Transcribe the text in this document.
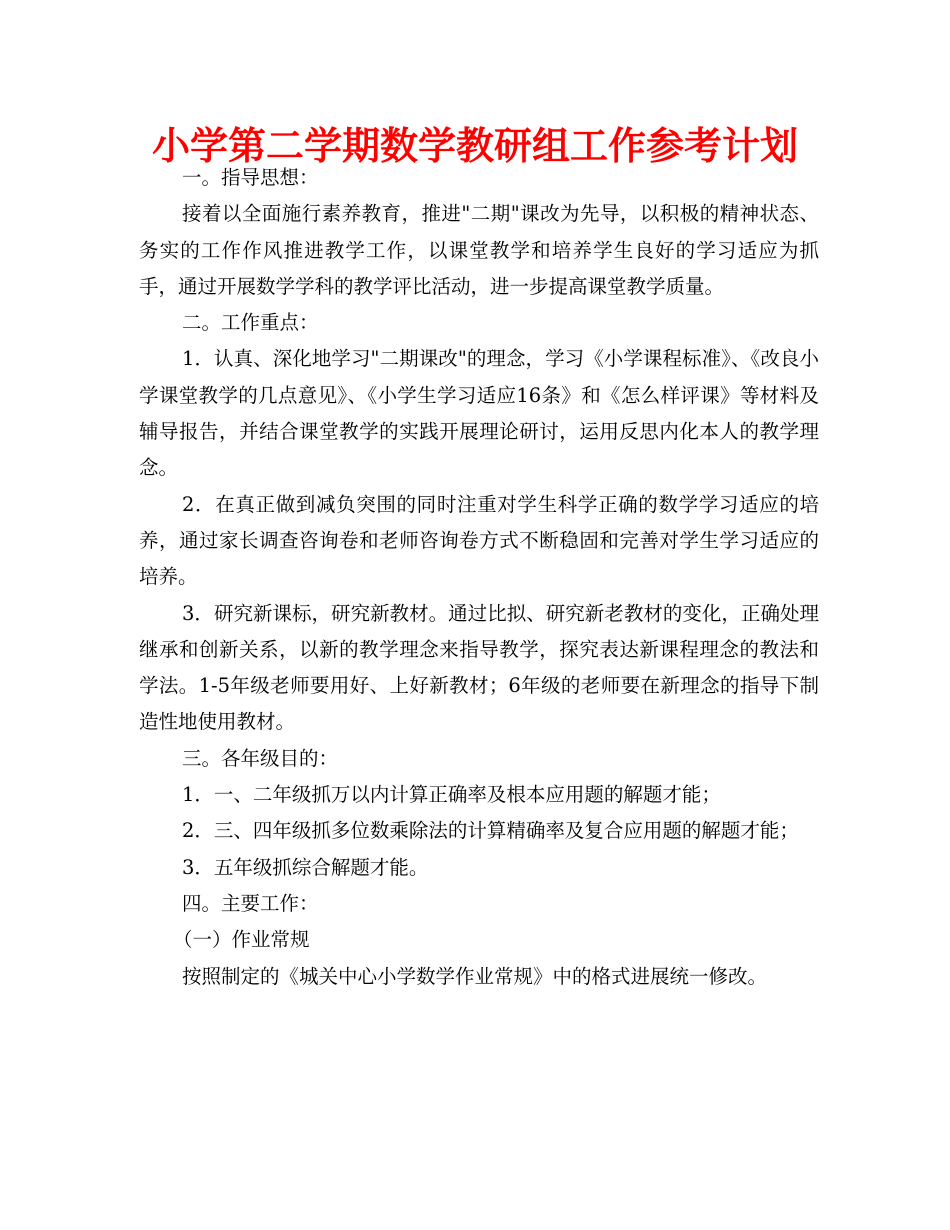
小学第二学期数学教研组工作参考计划

一。指导思想：

接着以全面施行素养教育，推进"二期"课改为先导，以积极的精神状态、务实的工作作风推进教学工作，以课堂教学和培养学生良好的学习适应为抓手，通过开展数学学科的教学评比活动，进一步提高课堂教学质量。

二。工作重点：

1．认真、深化地学习"二期课改"的理念，学习《小学课程标准》、《改良小学课堂教学的几点意见》、《小学生学习适应16条》和《怎么样评课》等材料及辅导报告，并结合课堂教学的实践开展理论研讨，运用反思内化本人的教学理念。

2．在真正做到减负突围的同时注重对学生科学正确的数学学习适应的培养，通过家长调查咨询卷和老师咨询卷方式不断稳固和完善对学生学习适应的培养。

3．研究新课标，研究新教材。通过比拟、研究新老教材的变化，正确处理继承和创新关系，以新的教学理念来指导教学，探究表达新课程理念的教法和学法。1-5年级老师要用好、上好新教材；6年级的老师要在新理念的指导下制造性地使用教材。

三。各年级目的：

1．一、二年级抓万以内计算正确率及根本应用题的解题才能；

2．三、四年级抓多位数乘除法的计算精确率及复合应用题的解题才能；

3．五年级抓综合解题才能。

四。主要工作：

（一）作业常规

按照制定的《城关中心小学数学作业常规》中的格式进展统一修改。
